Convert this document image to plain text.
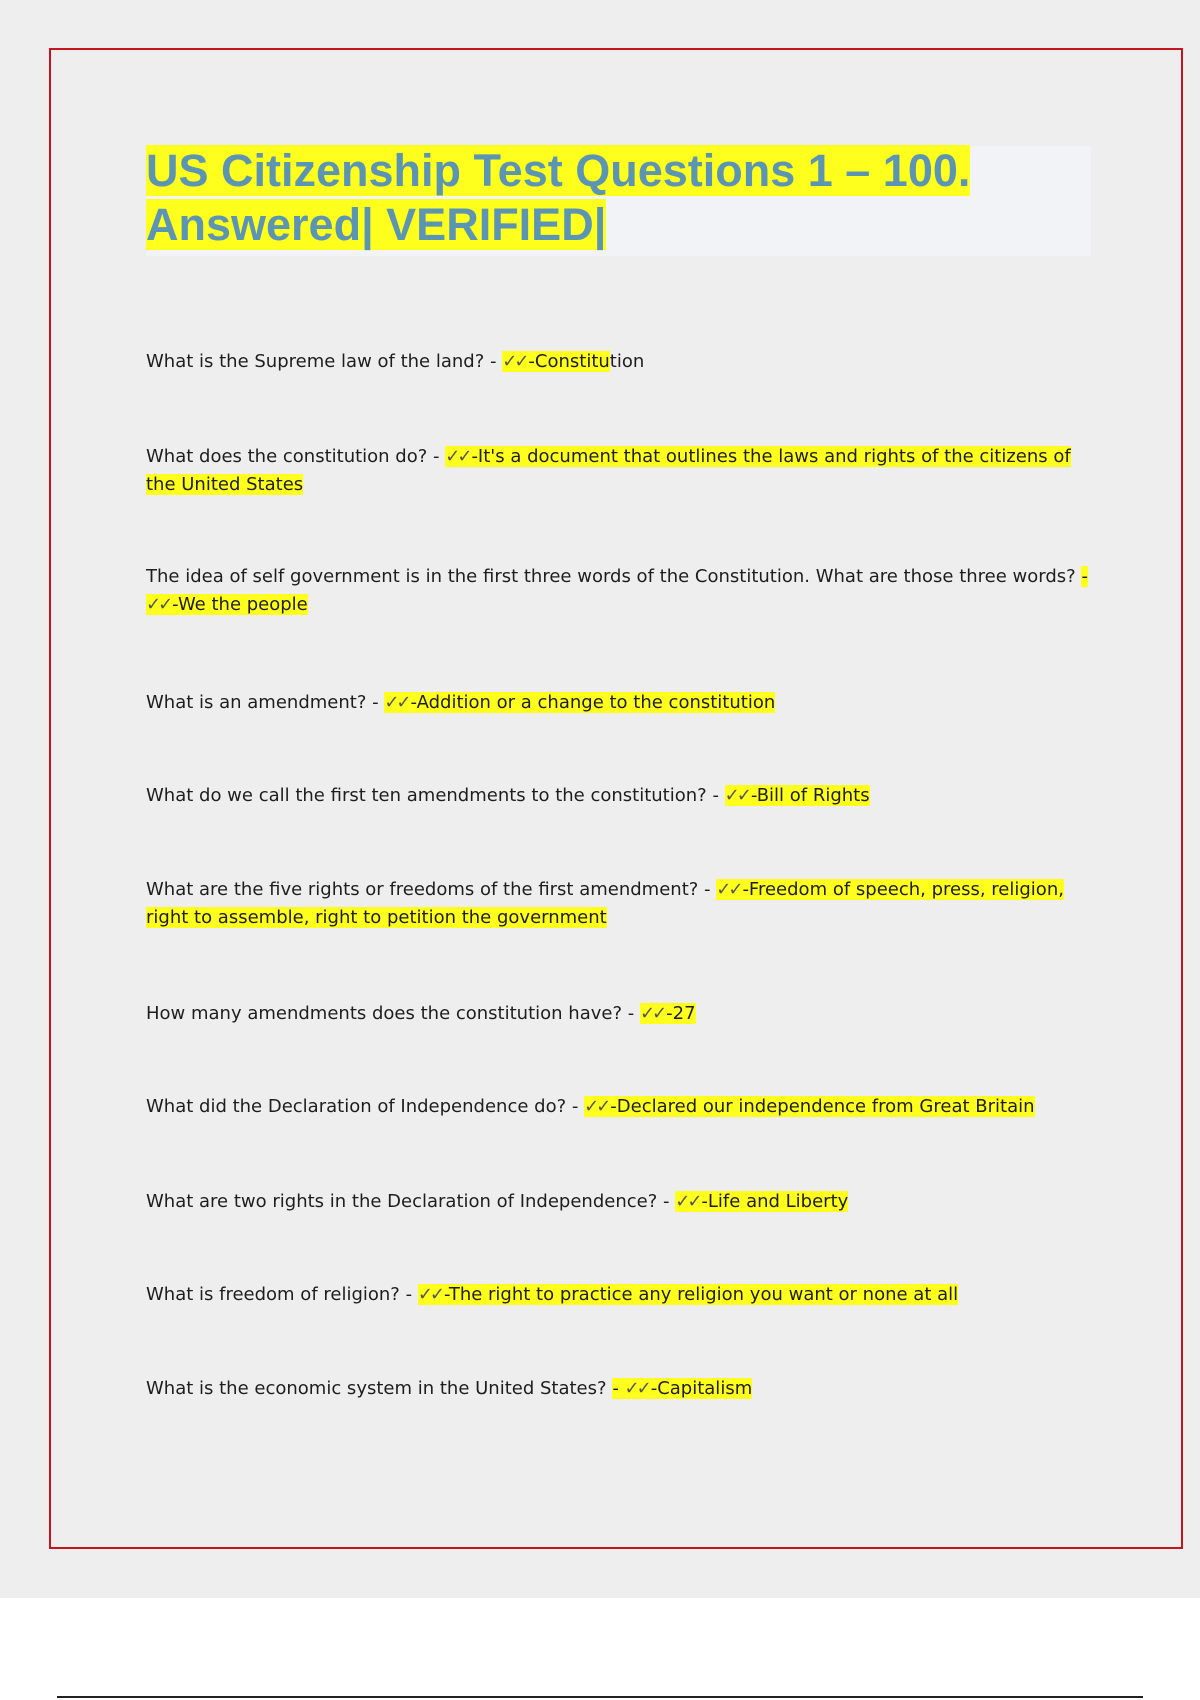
US Citizenship Test Questions 1 – 100.
Answered| VERIFIED|

What is the Supreme law of the land? - ✓✓ -Constitution

What does the constitution do? - ✓✓ -It's a document that outlines the laws and rights of the citizens of the United States

The idea of self government is in the first three words of the Constitution. What are those three words? - ✓✓ -We the people

What is an amendment? - ✓✓ -Addition or a change to the constitution

What do we call the first ten amendments to the constitution? - ✓✓ -Bill of Rights

What are the five rights or freedoms of the first amendment? - ✓✓ -Freedom of speech, press, religion, right to assemble, right to petition the government

How many amendments does the constitution have? - ✓✓ -27

What did the Declaration of Independence do? - ✓✓ -Declared our independence from Great Britain

What are two rights in the Declaration of Independence? - ✓✓ -Life and Liberty

What is freedom of religion? - ✓✓ -The right to practice any religion you want or none at all

What is the economic system in the United States? - ✓✓ -Capitalism
